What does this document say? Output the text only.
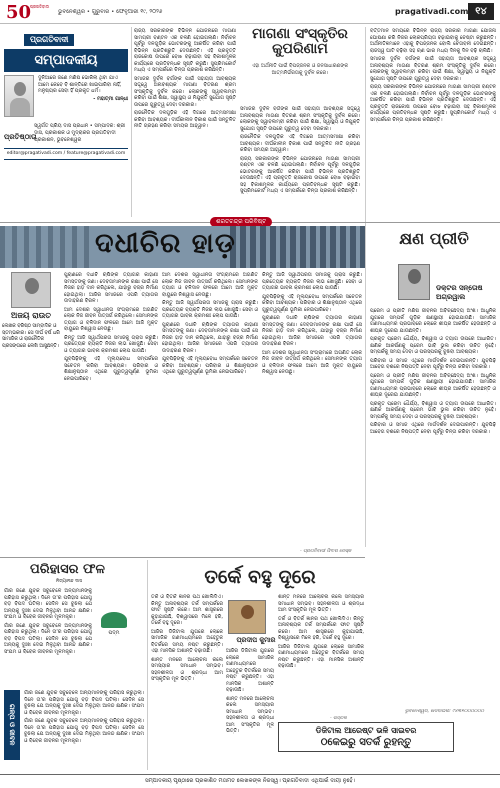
50
ପ୍ରଗତିବାଦୀ
ଭୁବନେଶ୍ୱର • ଗୁରୁବାର • ଫେବୃଆରୀ ୧୯, ୨୦୨୬	pragativadi.com ୧୪
ପ୍ରଗତିବାଦୀ
ସମ୍ପାଦକୀୟ
ଦୁନିଆରେ ଜଣେ ମଣିଷ ଭୋକିଲା ଥିବା ଯାଏ ଆମେ କେବେ ବି ଶାନ୍ତିରେ ଖାଇପାରିବା ନାହିଁ, ମନୁଷ୍ୟର ସେବା ହିଁ ପ୍ରକୃତ ଧର୍ମ।
- ମହାତ୍ମା ଗାନ୍ଧୀ
ପ୍ରତିଷ୍ଠାତା
ସ୍ୱର୍ଗତ ପ୍ରିୟ ଦାସ ପ୍ରଧାନ • ସମ୍ପାଦକ: ଶ୍ରୀ ଦାସ, ପ୍ରକାଶକ ଓ ମୁଦ୍ରାକର ପ୍ରଗତିବାଦୀ ପ୍ରକାଶନ, ଭୁବନେଶ୍ୱର
editor@pragativadi.com / feature@pragativadi.com

ରାଜ୍ୟ ସରକାରଙ୍କ ବିଭିନ୍ନ ଯୋଜନାରେ ମାଗଣା ସାମଗ୍ରୀ ବଣ୍ଟନ ଏକ ଚଳଣି ହୋଇଗଲାଣି। ନିର୍ବାଚନ ପୂର୍ବରୁ ଦଳଗୁଡ଼ିକ ଭୋଟରଙ୍କୁ ଆକର୍ଷିତ କରିବା ପାଇଁ ବିଭିନ୍ନ ପ୍ରତିଶ୍ରୁତି ଦେଉଛନ୍ତି। ଏହି ପ୍ରବୃତ୍ତି ରାଜକୋଷ ଉପରେ ବୋଝ ବଢ଼ାଇବା ସହ ବିକାଶମୂଳକ କାର୍ଯ୍ୟରେ ପ୍ରତିବନ୍ଧକ ସୃଷ୍ଟି କରୁଛି। ସୁପ୍ରିମକୋର୍ଟ ମଧ୍ୟ ଏ ସମ୍ପର୍କରେ ଚିନ୍ତା ପ୍ରକାଶ କରିଛନ୍ତି।

ସମାଜର ଦୁର୍ବଳ ବର୍ଗଙ୍କ ପାଇଁ ସହାୟତା ଆବଶ୍ୟକ ସତ୍ତ୍ୱେ ଅନାବଶ୍ୟକ ମାଗଣା ବିତରଣ ଶ୍ରମ ସଂସ୍କୃତିକୁ ଦୁର୍ବଳ କରେ। ଲୋକଙ୍କୁ ସ୍ୱାବଲମ୍ବୀ କରିବା ପାଇଁ ଶିକ୍ଷା, ସ୍ୱାସ୍ଥ୍ୟ ଓ ନିଯୁକ୍ତି ସୁଯୋଗ ସୃଷ୍ଟି ଉପରେ ଗୁରୁତ୍ୱ ଦେବା ଦରକାର।

ରାଜନୈତିକ ଦଳଗୁଡ଼ିକ ଏହି ଦିଗରେ ଆତ୍ମସମୀକ୍ଷା କରିବା ଆବଶ୍ୟକ। ଦୀର୍ଘକାଳୀନ ବିକାଶ ପାଇଁ ସନ୍ତୁଳିତ ନୀତି ଗ୍ରହଣ କରିବା ସମୟର ଆହ୍ୱାନ।

ମାଗଣା ସଂସ୍କୃତିର କୁପରିଣାମ
ଏହା ଅର୍ଥନୀତି ପାଇଁ ବିପଜ୍ଜନକ ଓ ଜନସାଧାରଣଙ୍କ ଆତ୍ମନିର୍ଭରତାକୁ ଦୁର୍ବଳ କରେ।

ସମାଜର ଦୁର୍ବଳ ବର୍ଗଙ୍କ ପାଇଁ ସହାୟତା ଆବଶ୍ୟକ ସତ୍ତ୍ୱେ ଅନାବଶ୍ୟକ ମାଗଣା ବିତରଣ ଶ୍ରମ ସଂସ୍କୃତିକୁ ଦୁର୍ବଳ କରେ। ଲୋକଙ୍କୁ ସ୍ୱାବଲମ୍ବୀ କରିବା ପାଇଁ ଶିକ୍ଷା, ସ୍ୱାସ୍ଥ୍ୟ ଓ ନିଯୁକ୍ତି ସୁଯୋଗ ସୃଷ୍ଟି ଉପରେ ଗୁରୁତ୍ୱ ଦେବା ଦରକାର।

ରାଜନୈତିକ ଦଳଗୁଡ଼ିକ ଏହି ଦିଗରେ ଆତ୍ମସମୀକ୍ଷା କରିବା ଆବଶ୍ୟକ। ଦୀର୍ଘକାଳୀନ ବିକାଶ ପାଇଁ ସନ୍ତୁଳିତ ନୀତି ଗ୍ରହଣ କରିବା ସମୟର ଆହ୍ୱାନ।

ରାଜ୍ୟ ସରକାରଙ୍କ ବିଭିନ୍ନ ଯୋଜନାରେ ମାଗଣା ସାମଗ୍ରୀ ବଣ୍ଟନ ଏକ ଚଳଣି ହୋଇଗଲାଣି। ନିର୍ବାଚନ ପୂର୍ବରୁ ଦଳଗୁଡ଼ିକ ଭୋଟରଙ୍କୁ ଆକର୍ଷିତ କରିବା ପାଇଁ ବିଭିନ୍ନ ପ୍ରତିଶ୍ରୁତି ଦେଉଛନ୍ତି। ଏହି ପ୍ରବୃତ୍ତି ରାଜକୋଷ ଉପରେ ବୋଝ ବଢ଼ାଇବା ସହ ବିକାଶମୂଳକ କାର୍ଯ୍ୟରେ ପ୍ରତିବନ୍ଧକ ସୃଷ୍ଟି କରୁଛି। ସୁପ୍ରିମକୋର୍ଟ ମଧ୍ୟ ଏ ସମ୍ପର୍କରେ ଚିନ୍ତା ପ୍ରକାଶ କରିଛନ୍ତି।

ବର୍ତ୍ତମାନ ସମୟରେ ବିଭିନ୍ନ ରାଜ୍ୟ ସରକାର ମାଗଣା ଯୋଜନା ଘୋଷଣା କରି ନିଜର ଲୋକପ୍ରିୟତା ବଢ଼ାଇବାକୁ ଚେଷ୍ଟା କରୁଛନ୍ତି। ଅର୍ଥନୀତିଜ୍ଞମାନେ ଏହାକୁ ବିପଜ୍ଜନକ ବୋଲି ଚେତାବନୀ ଦେଇଛନ୍ତି। ରାଜସ୍ୱ ଘାଟି ବଢ଼ିବା ସହ ଋଣ ଭାର ମଧ୍ୟ ଦିନକୁ ଦିନ ବଢ଼ି ଚାଲିଛି।

ସମାଜର ଦୁର୍ବଳ ବର୍ଗଙ୍କ ପାଇଁ ସହାୟତା ଆବଶ୍ୟକ ସତ୍ତ୍ୱେ ଅନାବଶ୍ୟକ ମାଗଣା ବିତରଣ ଶ୍ରମ ସଂସ୍କୃତିକୁ ଦୁର୍ବଳ କରେ। ଲୋକଙ୍କୁ ସ୍ୱାବଲମ୍ବୀ କରିବା ପାଇଁ ଶିକ୍ଷା, ସ୍ୱାସ୍ଥ୍ୟ ଓ ନିଯୁକ୍ତି ସୁଯୋଗ ସୃଷ୍ଟି ଉପରେ ଗୁରୁତ୍ୱ ଦେବା ଦରକାର।

ରାଜ୍ୟ ସରକାରଙ୍କ ବିଭିନ୍ନ ଯୋଜନାରେ ମାଗଣା ସାମଗ୍ରୀ ବଣ୍ଟନ ଏକ ଚଳଣି ହୋଇଗଲାଣି। ନିର୍ବାଚନ ପୂର୍ବରୁ ଦଳଗୁଡ଼ିକ ଭୋଟରଙ୍କୁ ଆକର୍ଷିତ କରିବା ପାଇଁ ବିଭିନ୍ନ ପ୍ରତିଶ୍ରୁତି ଦେଉଛନ୍ତି। ଏହି ପ୍ରବୃତ୍ତି ରାଜକୋଷ ଉପରେ ବୋଝ ବଢ଼ାଇବା ସହ ବିକାଶମୂଳକ କାର୍ଯ୍ୟରେ ପ୍ରତିବନ୍ଧକ ସୃଷ୍ଟି କରୁଛି। ସୁପ୍ରିମକୋର୍ଟ ମଧ୍ୟ ଏ ସମ୍ପର୍କରେ ଚିନ୍ତା ପ୍ରକାଶ କରିଛନ୍ତି।

ଶରତଚନ୍ଦ୍ର ପରିବିଷ୍ଟ
ଦଧୀଚିର ହାଡ଼
ଅଜୟ ରାଉତ
ଲେଖକ ବରିଷ୍ଠ ସାମ୍ବାଦିକ ଓ ସ୍ତମ୍ଭକାର। ସେ ଦୀର୍ଘ ବର୍ଷ ଧରି ସାମାଜିକ ଓ ରାଜନୈତିକ ପ୍ରସଙ୍ଗରେ ଲେଖି ଆସୁଛନ୍ତି।

ପୁରାଣରେ ଦଧୀଚି ଋଷିଙ୍କ ତ୍ୟାଗର କାହାଣୀ ସମସ୍ତଙ୍କୁ ଜଣା। ଦେବତାମାନଙ୍କ ରକ୍ଷା ପାଇଁ ସେ ନିଜର ହାଡ଼ ଦାନ କରିଥିଲେ, ଯାହାରୁ ବଜ୍ର ନିର୍ମାଣ ହୋଇଥିଲା। ଆଜିର ସମାଜରେ ଏପରି ତ୍ୟାଗର ଉଦାହରଣ ବିରଳ।

ଆମ ଦେଶର ସ୍ୱାଧୀନତା ସଂଗ୍ରାମରେ ଅଗଣିତ ଲୋକ ନିଜ ଜୀବନ ଉତ୍ସର୍ଗ କରିଥିଲେ। ସେମାନଙ୍କ ତ୍ୟାଗ ଓ ବଳିଦାନ ଫଳରେ ଆମେ ଆଜି ମୁକ୍ତ ବାୟୁରେ ନିଶ୍ୱାସ ନେଉଛୁ।

କିନ୍ତୁ ଆଜି ସ୍ୱାର୍ଥପରତା ସମାଜକୁ ଗ୍ରାସ କରୁଛି। ପ୍ରତ୍ୟେକ ବ୍ୟକ୍ତି ନିଜର ଲାଭ ଖୋଜୁଛି। ସେବା ଓ ତ୍ୟାଗର ଭାବନା କ୍ରମଶଃ ଲୋପ ପାଉଛି।

ଯୁବପିଢ଼ିଙ୍କୁ ଏହି ମୂଲ୍ୟବୋଧ ସମ୍ପର୍କରେ ସଚେତନ କରିବା ଆବଶ୍ୟକ। ପରିବାର ଓ ଶିକ୍ଷାନୁଷ୍ଠାନ ଏଥିରେ ଗୁରୁତ୍ୱପୂର୍ଣ୍ଣ ଭୂମିକା ନେଇପାରିବେ।

ଆମ ଦେଶର ସ୍ୱାଧୀନତା ସଂଗ୍ରାମରେ ଅଗଣିତ ଲୋକ ନିଜ ଜୀବନ ଉତ୍ସର୍ଗ କରିଥିଲେ। ସେମାନଙ୍କ ତ୍ୟାଗ ଓ ବଳିଦାନ ଫଳରେ ଆମେ ଆଜି ମୁକ୍ତ ବାୟୁରେ ନିଶ୍ୱାସ ନେଉଛୁ।

କିନ୍ତୁ ଆଜି ସ୍ୱାର୍ଥପରତା ସମାଜକୁ ଗ୍ରାସ କରୁଛି। ପ୍ରତ୍ୟେକ ବ୍ୟକ୍ତି ନିଜର ଲାଭ ଖୋଜୁଛି। ସେବା ଓ ତ୍ୟାଗର ଭାବନା କ୍ରମଶଃ ଲୋପ ପାଉଛି।

ପୁରାଣରେ ଦଧୀଚି ଋଷିଙ୍କ ତ୍ୟାଗର କାହାଣୀ ସମସ୍ତଙ୍କୁ ଜଣା। ଦେବତାମାନଙ୍କ ରକ୍ଷା ପାଇଁ ସେ ନିଜର ହାଡ଼ ଦାନ କରିଥିଲେ, ଯାହାରୁ ବଜ୍ର ନିର୍ମାଣ ହୋଇଥିଲା। ଆଜିର ସମାଜରେ ଏପରି ତ୍ୟାଗର ଉଦାହରଣ ବିରଳ।

ଯୁବପିଢ଼ିଙ୍କୁ ଏହି ମୂଲ୍ୟବୋଧ ସମ୍ପର୍କରେ ସଚେତନ କରିବା ଆବଶ୍ୟକ। ପରିବାର ଓ ଶିକ୍ଷାନୁଷ୍ଠାନ ଏଥିରେ ଗୁରୁତ୍ୱପୂର୍ଣ୍ଣ ଭୂମିକା ନେଇପାରିବେ।

କିନ୍ତୁ ଆଜି ସ୍ୱାର୍ଥପରତା ସମାଜକୁ ଗ୍ରାସ କରୁଛି। ପ୍ରତ୍ୟେକ ବ୍ୟକ୍ତି ନିଜର ଲାଭ ଖୋଜୁଛି। ସେବା ଓ ତ୍ୟାଗର ଭାବନା କ୍ରମଶଃ ଲୋପ ପାଉଛି।

ଯୁବପିଢ଼ିଙ୍କୁ ଏହି ମୂଲ୍ୟବୋଧ ସମ୍ପର୍କରେ ସଚେତନ କରିବା ଆବଶ୍ୟକ। ପରିବାର ଓ ଶିକ୍ଷାନୁଷ୍ଠାନ ଏଥିରେ ଗୁରୁତ୍ୱପୂର୍ଣ୍ଣ ଭୂମିକା ନେଇପାରିବେ।

ପୁରାଣରେ ଦଧୀଚି ଋଷିଙ୍କ ତ୍ୟାଗର କାହାଣୀ ସମସ୍ତଙ୍କୁ ଜଣା। ଦେବତାମାନଙ୍କ ରକ୍ଷା ପାଇଁ ସେ ନିଜର ହାଡ଼ ଦାନ କରିଥିଲେ, ଯାହାରୁ ବଜ୍ର ନିର୍ମାଣ ହୋଇଥିଲା। ଆଜିର ସମାଜରେ ଏପରି ତ୍ୟାଗର ଉଦାହରଣ ବିରଳ।

ଆମ ଦେଶର ସ୍ୱାଧୀନତା ସଂଗ୍ରାମରେ ଅଗଣିତ ଲୋକ ନିଜ ଜୀବନ ଉତ୍ସର୍ଗ କରିଥିଲେ। ସେମାନଙ୍କ ତ୍ୟାଗ ଓ ବଳିଦାନ ଫଳରେ ଆମେ ଆଜି ମୁକ୍ତ ବାୟୁରେ ନିଶ୍ୱାସ ନେଉଛୁ।

- ପ୍ରଗତିବାଦୀ ଫିଚର ଡେସ୍କ
କ୍ଷଣ ପ୍ରୀତି
ଡକ୍ଟର ସନ୍ତୋଷ ଅଗ୍ରୱାଲ

ପ୍ରେମ ଓ ପ୍ରୀତି ମଣିଷ ଜୀବନର ଅବିଚ୍ଛେଦ୍ୟ ଅଂଶ। ଆଧୁନିକ ଯୁଗରେ ସମ୍ପର୍କ ଗୁଡ଼ିକ କ୍ଷଣସ୍ଥାୟୀ ହୋଇଯାଉଛି। ସାମାଜିକ ଗଣମାଧ୍ୟମର ପ୍ରଭାବରେ ଲୋକେ ଶୀଘ୍ର ଆକର୍ଷିତ ହେଉଛନ୍ତି ଓ ଶୀଘ୍ର ଦୂରେଇ ଯାଉଛନ୍ତି।

ପ୍ରକୃତ ପ୍ରେମ ଧୈର୍ଯ୍ୟ, ବିଶ୍ୱାସ ଓ ତ୍ୟାଗ ଉପରେ ଆଧାରିତ। କ୍ଷଣିକ ଆକର୍ଷଣକୁ ପ୍ରେମ ଭାବି ଭୁଲ କରିବା ଉଚିତ ନୁହେଁ। ସମ୍ପର୍କକୁ ସମୟ ଦେବା ଓ ପରସ୍ପରକୁ ବୁଝିବା ଆବଶ୍ୟକ।

ପରିବାର ଓ ସମାଜ ଏଥିରେ ମାର୍ଗଦର୍ଶନ ଦେଇପାରନ୍ତି। ଯୁବପିଢ଼ି ଆବେଗ ବଶରେ ନିଷ୍ପତ୍ତି ନେବା ପୂର୍ବରୁ ଚିନ୍ତା କରିବା ଦରକାର।

ପ୍ରେମ ଓ ପ୍ରୀତି ମଣିଷ ଜୀବନର ଅବିଚ୍ଛେଦ୍ୟ ଅଂଶ। ଆଧୁନିକ ଯୁଗରେ ସମ୍ପର୍କ ଗୁଡ଼ିକ କ୍ଷଣସ୍ଥାୟୀ ହୋଇଯାଉଛି। ସାମାଜିକ ଗଣମାଧ୍ୟମର ପ୍ରଭାବରେ ଲୋକେ ଶୀଘ୍ର ଆକର୍ଷିତ ହେଉଛନ୍ତି ଓ ଶୀଘ୍ର ଦୂରେଇ ଯାଉଛନ୍ତି।

ପ୍ରକୃତ ପ୍ରେମ ଧୈର୍ଯ୍ୟ, ବିଶ୍ୱାସ ଓ ତ୍ୟାଗ ଉପରେ ଆଧାରିତ। କ୍ଷଣିକ ଆକର୍ଷଣକୁ ପ୍ରେମ ଭାବି ଭୁଲ କରିବା ଉଚିତ ନୁହେଁ। ସମ୍ପର୍କକୁ ସମୟ ଦେବା ଓ ପରସ୍ପରକୁ ବୁଝିବା ଆବଶ୍ୟକ।

ପରିବାର ଓ ସମାଜ ଏଥିରେ ମାର୍ଗଦର୍ଶନ ଦେଇପାରନ୍ତି। ଯୁବପିଢ଼ି ଆବେଗ ବଶରେ ନିଷ୍ପତ୍ତି ନେବା ପୂର୍ବରୁ ଚିନ୍ତା କରିବା ଦରକାର।

ଭୁବନେଶ୍ୱର, ମୋବାଇଲ: ୯୪୩୭୦୦୦୦୦୦
ପରିହାସର ଫଳ
ନିତ୍ୟାନନ୍ଦ ଦାସ

ଗାଁର ଜଣେ ଯୁବକ ସବୁବେଳେ ଅନ୍ୟମାନଙ୍କୁ ପରିହାସ କରୁଥିଲା। ଦିନେ ତା'ର ପରିହାସ ଯୋଗୁ ବଡ଼ ବିପଦ ଘଟିଲା। ସେଦିନ ସେ ବୁଝିଲା ଯେ ଅନ୍ୟକୁ ଦୁଃଖ ଦେଇ ମିଳୁଥିବା ଆନନ୍ଦ କ୍ଷଣିକ। ସଂଯମ ଓ ବିବେକ ଜୀବନର ମୂଳମନ୍ତ୍ର।

ଗାଁର ଜଣେ ଯୁବକ ସବୁବେଳେ ଅନ୍ୟମାନଙ୍କୁ ପରିହାସ କରୁଥିଲା। ଦିନେ ତା'ର ପରିହାସ ଯୋଗୁ ବଡ଼ ବିପଦ ଘଟିଲା। ସେଦିନ ସେ ବୁଝିଲା ଯେ ଅନ୍ୟକୁ ଦୁଃଖ ଦେଇ ମିଳୁଥିବା ଆନନ୍ଦ କ୍ଷଣିକ। ସଂଯମ ଓ ବିବେକ ଜୀବନର ମୂଳମନ୍ତ୍ର।

ପଦ୍ମ

ଗାଁର ଜଣେ ଯୁବକ ସବୁବେଳେ ଅନ୍ୟମାନଙ୍କୁ ପରିହାସ କରୁଥିଲା। ଦିନେ ତା'ର ପରିହାସ ଯୋଗୁ ବଡ଼ ବିପଦ ଘଟିଲା। ସେଦିନ ସେ ବୁଝିଲା ଯେ ଅନ୍ୟକୁ ଦୁଃଖ ଦେଇ ମିଳୁଥିବା ଆନନ୍ଦ କ୍ଷଣିକ। ସଂଯମ ଓ ବିବେକ ଜୀବନର ମୂଳମନ୍ତ୍ର।

ଗାଁର ଜଣେ ଯୁବକ ସବୁବେଳେ ଅନ୍ୟମାନଙ୍କୁ ପରିହାସ କରୁଥିଲା। ଦିନେ ତା'ର ପରିହାସ ଯୋଗୁ ବଡ଼ ବିପଦ ଘଟିଲା। ସେଦିନ ସେ ବୁଝିଲା ଯେ ଅନ୍ୟକୁ ଦୁଃଖ ଦେଇ ମିଳୁଥିବା ଆନନ୍ଦ କ୍ଷଣିକ। ସଂଯମ ଓ ବିବେକ ଜୀବନର ମୂଳମନ୍ତ୍ର।

ଗଳ୍ପ ଓ ଜୀବନ
ତର୍କେ ବହୁ ଦୂରେ

ତର୍କ ଓ ବିତର୍କ ଜ୍ଞାନର ପଥ ଖୋଲିଦିଏ। କିନ୍ତୁ ଅନାବଶ୍ୟକ ତର୍କ ସମ୍ପର୍କରେ ଫାଟ ସୃଷ୍ଟି କରେ। ଆମ ଶାସ୍ତ୍ରରେ କୁହାଯାଇଛି, ବିଶ୍ୱାସରେ ମିଳେ ହରି, ତର୍କେ ବହୁ ଦୂରେ।

ଆଜିର ଡିଜିଟାଲ ଯୁଗରେ ଲୋକେ ସାମାଜିକ ଗଣମାଧ୍ୟମରେ ଅହେତୁକ ବିତର୍କରେ ସମୟ ନଷ୍ଟ କରୁଛନ୍ତି। ଏହା ମାନସିକ ଅଶାନ୍ତି ବଢ଼ାଉଛି।

ଶାନ୍ତ ମନରେ ଆଲୋଚନା କଲେ ସମସ୍ୟାର ସମାଧାନ ସମ୍ଭବ। ସହନଶୀଳତା ଓ ଶ୍ରଦ୍ଧା ଆମ ସଂସ୍କୃତିର ମୂଳ ଭିତ୍ତି।

ପ୍ରଦୀପ କୁମାର

ଆଜିର ଡିଜିଟାଲ ଯୁଗରେ ଲୋକେ ସାମାଜିକ ଗଣମାଧ୍ୟମରେ ଅହେତୁକ ବିତର୍କରେ ସମୟ ନଷ୍ଟ କରୁଛନ୍ତି। ଏହା ମାନସିକ ଅଶାନ୍ତି ବଢ଼ାଉଛି।

ଶାନ୍ତ ମନରେ ଆଲୋଚନା କଲେ ସମସ୍ୟାର ସମାଧାନ ସମ୍ଭବ। ସହନଶୀଳତା ଓ ଶ୍ରଦ୍ଧା ଆମ ସଂସ୍କୃତିର ମୂଳ ଭିତ୍ତି।

ଶାନ୍ତ ମନରେ ଆଲୋଚନା କଲେ ସମସ୍ୟାର ସମାଧାନ ସମ୍ଭବ। ସହନଶୀଳତା ଓ ଶ୍ରଦ୍ଧା ଆମ ସଂସ୍କୃତିର ମୂଳ ଭିତ୍ତି।

ତର୍କ ଓ ବିତର୍କ ଜ୍ଞାନର ପଥ ଖୋଲିଦିଏ। କିନ୍ତୁ ଅନାବଶ୍ୟକ ତର୍କ ସମ୍ପର୍କରେ ଫାଟ ସୃଷ୍ଟି କରେ। ଆମ ଶାସ୍ତ୍ରରେ କୁହାଯାଇଛି, ବିଶ୍ୱାସରେ ମିଳେ ହରି, ତର୍କେ ବହୁ ଦୂରେ।

ଆଜିର ଡିଜିଟାଲ ଯୁଗରେ ଲୋକେ ସାମାଜିକ ଗଣମାଧ୍ୟମରେ ଅହେତୁକ ବିତର୍କରେ ସମୟ ନଷ୍ଟ କରୁଛନ୍ତି। ଏହା ମାନସିକ ଅଶାନ୍ତି ବଢ଼ାଉଛି।

- ଭଦ୍ରକ
ଡିଜିଟାଲ ଆରେଷ୍ଟ ଭଳି ସାଇବର
ଠକେଇରୁ ସତର୍କ ରୁହନ୍ତୁ
ସମ୍ପାଦକୀୟ ପୃଷ୍ଠାରେ ପ୍ରକାଶିତ ମତାମତ ଲେଖକଙ୍କ ନିଜସ୍ୱ। ପ୍ରଗତିବାଦୀ ଏଥିପାଇଁ ଦାୟୀ ନୁହେଁ।
